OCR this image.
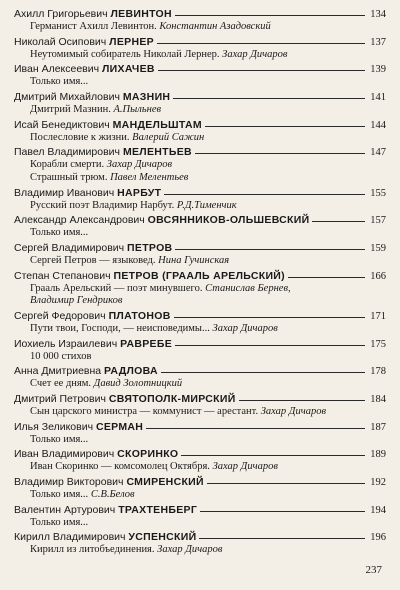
Ахилл Григорьевич ЛЕВИНТОН	134
Германист Ахилл Левинтон. Константин Азадовский
Николай Осипович ЛЕРНЕР	137
Неутомимый собиратель Николай Лернер. Захар Дичаров
Иван Алексеевич ЛИХАЧЕВ	139
Только имя...
Дмитрий Михайлович МАЗНИН	141
Дмитрий Мазнин. А.Пыльнев
Исай Бенедиктович МАНДЕЛЬШТАМ	144
Послесловие к жизни. Валерий Сажин
Павел Владимирович МЕЛЕНТЬЕВ	147
Корабли смерти. Захар Дичаров
Страшный трюм. Павел Мелентьев
Владимир Иванович НАРБУТ	155
Русский поэт Владимир Нарбут. Р.Д.Тименчик
Александр Александрович ОВСЯННИКОВ-ОЛЬШЕВСКИЙ	157
Только имя...
Сергей Владимирович ПЕТРОВ	159
Сергей Петров — языковед. Нина Гучинская
Степан Степанович ПЕТРОВ (ГРААЛЬ АРЕЛЬСКИЙ)	166
Грааль Арельский — поэт минувшего. Станислав Бернев,
Владимир Гендриков
Сергей Федорович ПЛАТОНОВ	171
Пути твои, Господи, — неисповедимы... Захар Дичаров
Иохиель Израилевич РАВРЕБЕ	175
10 000 стихов
Анна Дмитриевна РАДЛОВА	178
Счет ее дням. Давид Золотницкий
Дмитрий Петрович СВЯТОПОЛК-МИРСКИЙ	184
Сын царского министра — коммунист — арестант. Захар Дичаров
Илья Зеликович СЕРМАН	187
Только имя...
Иван Владимирович СКОРИНКО	189
Иван Скоринко — комсомолец Октября. Захар Дичаров
Владимир Викторович СМИРЕНСКИЙ	192
Только имя... С.В.Белов
Валентин Артурович ТРАХТЕНБЕРГ	194
Только имя...
Кирилл Владимирович УСПЕНСКИЙ	196
Кирилл из литобъединения. Захар Дичаров
237
